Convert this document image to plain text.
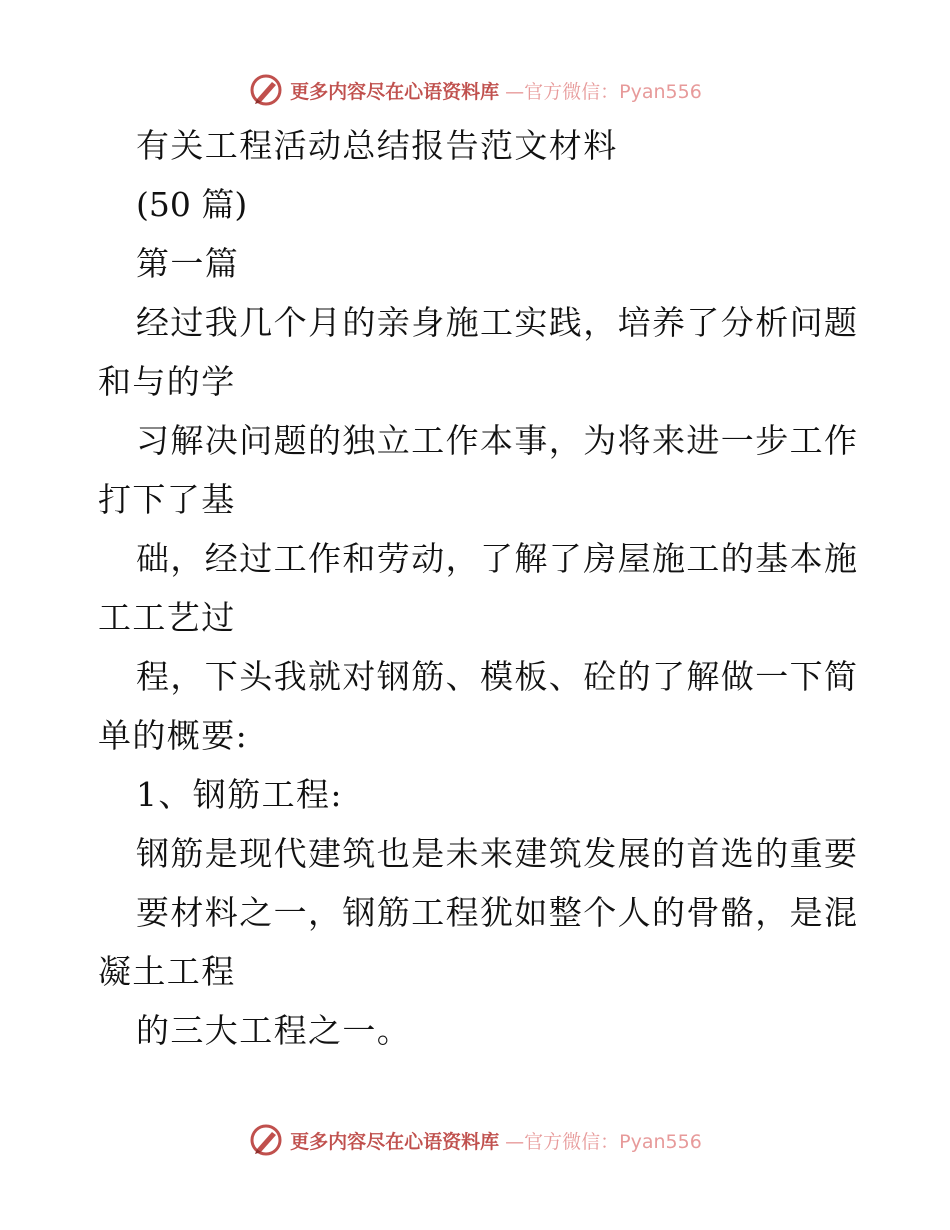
更多内容尽在心语资料库 —官方微信：Pyan556
有关工程活动总结报告范文材料
(50 篇)
第一篇
经过我几个月的亲身施工实践，培养了分析问题
和与的学
习解决问题的独立工作本事，为将来进一步工作
打下了基
础，经过工作和劳动，了解了房屋施工的基本施
工工艺过
程，下头我就对钢筋、模板、砼的了解做一下简
单的概要:
1、钢筋工程:
钢筋是现代建筑也是未来建筑发展的首选的重要
要材料之一，钢筋工程犹如整个人的骨骼，是混
凝土工程
的三大工程之一。
更多内容尽在心语资料库 —官方微信：Pyan556
